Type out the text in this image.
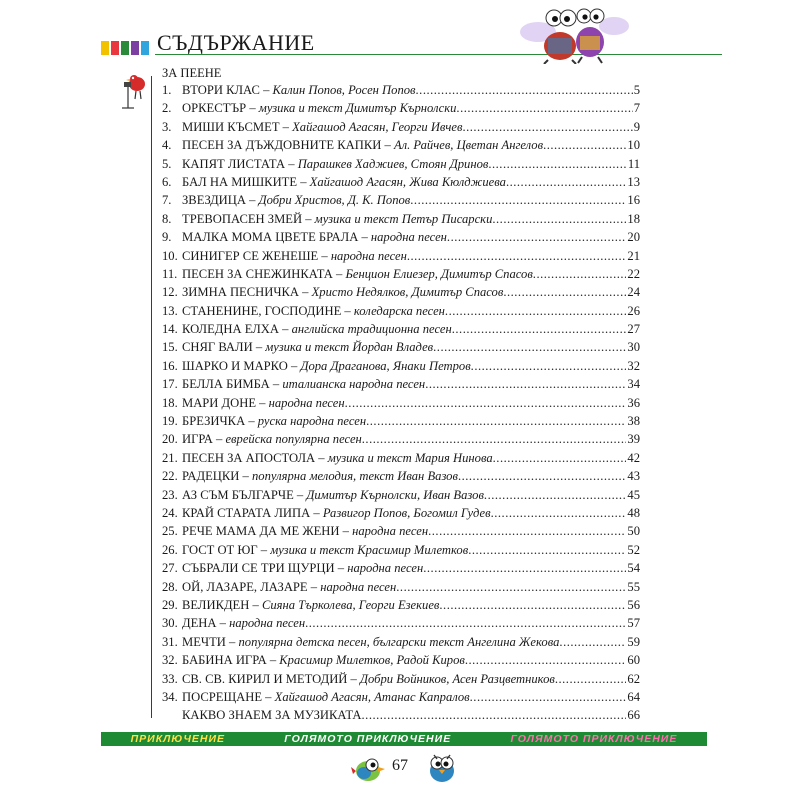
СЪДЪРЖАНИЕ
ЗА ПЕЕНЕ
1. ВТОРИ КЛАС – Калин Попов, Росен Попов .....	5
2. ОРКЕСТЪР – музика и текст Димитър Кърнолски .....	7
3. МИШИ КЪСМЕТ – Хайгашод Агасян, Георги Ивчев .....	9
4. ПЕСЕН ЗА ДЪЖДОВНИТЕ КАПКИ – Ал. Райчев, Цветан Ангелов .....	10
5. КАПЯТ ЛИСТАТА – Парашкев Хаджиев, Стоян Дринов .....	11
6. БАЛ НА МИШКИТЕ – Хайгашод Агасян, Жива Кюлджиева .....	13
7. ЗВЕЗДИЦА – Добри Христов, Д. К. Попов .....	16
8. ТРЕВОПАСЕН ЗМЕЙ – музика и текст Петър Писарски .....	18
9. МАЛКА МОМА ЦВЕТЕ БРАЛА – народна песен .....	20
10. СИНИГЕР СЕ ЖЕНЕШЕ – народна песен .....	21
11. ПЕСЕН ЗА СНЕЖИНКАТА – Бенцион Елиезер, Димитър Спасов .....	22
12. ЗИМНА ПЕСНИЧКА – Христо Недялков, Димитър Спасов .....	24
13. СТАНЕНИНЕ, ГОСПОДИНЕ – коледарска песен .....	26
14. КОЛЕДНА ЕЛХА – английска традиционна песен .....	27
15. СНЯГ ВАЛИ – музика и текст Йордан Владев .....	30
16. ШАРКО И МАРКО – Дора Драганова, Янаки Петров .....	32
17. БЕЛЛА БИМБА – италианска народна песен .....	34
18. МАРИ ДОНЕ – народна песен .....	36
19. БРЕЗИЧКА – руска народна песен .....	38
20. ИГРА – еврейска популярна песен .....	39
21. ПЕСЕН ЗА АПОСТОЛА – музика и текст Мария Нинова .....	42
22. РАДЕЦКИ – популярна мелодия, текст Иван Вазов .....	43
23. АЗ СЪМ БЪЛГАРЧЕ – Димитър Кърнолски, Иван Вазов .....	45
24. КРАЙ СТАРАТА ЛИПА – Развигор Попов, Богомил Гудев .....	48
25. РЕЧЕ МАМА ДА МЕ ЖЕНИ – народна песен .....	50
26. ГОСТ ОТ ЮГ – музика и текст Красимир Милетков .....	52
27. СЪБРАЛИ СЕ ТРИ ЩУРЦИ – народна песен .....	54
28. ОЙ, ЛАЗАРЕ, ЛАЗАРЕ – народна песен .....	55
29. ВЕЛИКДЕН – Сияна Търколева, Георги Езекиев .....	56
30. ДЕНА – народна песен .....	57
31. МЕЧТИ – популярна детска песен, български текст Ангелина Жекова .....	59
32. БАБИНА ИГРА – Красимир Милетков, Радой Киров .....	60
33. СВ. СВ. КИРИЛ И МЕТОДИЙ – Добри Войников, Асен Разцветников .....	62
34. ПОСРЕЩАНЕ – Хайгашод Агасян, Атанас Капралов .....	64
КАКВО ЗНАЕМ ЗА МУЗИКАТА .....	66
ПРИКЛЮЧЕНИЕ	ГОЛЯМОТО ПРИКЛЮЧЕНИЕ	ГОЛЯМОТО ПРИКЛЮЧЕНИЕ
67
